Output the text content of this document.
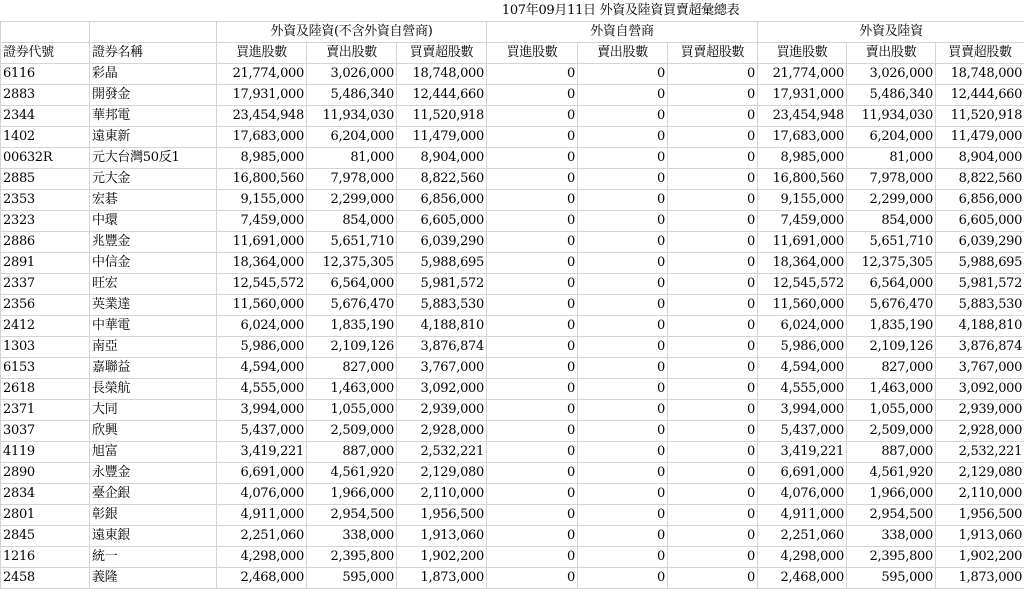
		107年09月11日 外資及陸資買賣超彙總表								
		外資及陸資(不含外資自營商)			外資自營商			外資及陸資		
證券代號	證券名稱	買進股數	賣出股數	買賣超股數	買進股數	賣出股數	買賣超股數	買進股數	賣出股數	買賣超股數
6116	彩晶	21,774,000	3,026,000	18,748,000	0	0	0	21,774,000	3,026,000	18,748,000
2883	開發金	17,931,000	5,486,340	12,444,660	0	0	0	17,931,000	5,486,340	12,444,660
2344	華邦電	23,454,948	11,934,030	11,520,918	0	0	0	23,454,948	11,934,030	11,520,918
1402	遠東新	17,683,000	6,204,000	11,479,000	0	0	0	17,683,000	6,204,000	11,479,000
00632R	元大台灣50反1	8,985,000	81,000	8,904,000	0	0	0	8,985,000	81,000	8,904,000
2885	元大金	16,800,560	7,978,000	8,822,560	0	0	0	16,800,560	7,978,000	8,822,560
2353	宏碁	9,155,000	2,299,000	6,856,000	0	0	0	9,155,000	2,299,000	6,856,000
2323	中環	7,459,000	854,000	6,605,000	0	0	0	7,459,000	854,000	6,605,000
2886	兆豐金	11,691,000	5,651,710	6,039,290	0	0	0	11,691,000	5,651,710	6,039,290
2891	中信金	18,364,000	12,375,305	5,988,695	0	0	0	18,364,000	12,375,305	5,988,695
2337	旺宏	12,545,572	6,564,000	5,981,572	0	0	0	12,545,572	6,564,000	5,981,572
2356	英業達	11,560,000	5,676,470	5,883,530	0	0	0	11,560,000	5,676,470	5,883,530
2412	中華電	6,024,000	1,835,190	4,188,810	0	0	0	6,024,000	1,835,190	4,188,810
1303	南亞	5,986,000	2,109,126	3,876,874	0	0	0	5,986,000	2,109,126	3,876,874
6153	嘉聯益	4,594,000	827,000	3,767,000	0	0	0	4,594,000	827,000	3,767,000
2618	長榮航	4,555,000	1,463,000	3,092,000	0	0	0	4,555,000	1,463,000	3,092,000
2371	大同	3,994,000	1,055,000	2,939,000	0	0	0	3,994,000	1,055,000	2,939,000
3037	欣興	5,437,000	2,509,000	2,928,000	0	0	0	5,437,000	2,509,000	2,928,000
4119	旭富	3,419,221	887,000	2,532,221	0	0	0	3,419,221	887,000	2,532,221
2890	永豐金	6,691,000	4,561,920	2,129,080	0	0	0	6,691,000	4,561,920	2,129,080
2834	臺企銀	4,076,000	1,966,000	2,110,000	0	0	0	4,076,000	1,966,000	2,110,000
2801	彰銀	4,911,000	2,954,500	1,956,500	0	0	0	4,911,000	2,954,500	1,956,500
2845	遠東銀	2,251,060	338,000	1,913,060	0	0	0	2,251,060	338,000	1,913,060
1216	統一	4,298,000	2,395,800	1,902,200	0	0	0	4,298,000	2,395,800	1,902,200
2458	義隆	2,468,000	595,000	1,873,000	0	0	0	2,468,000	595,000	1,873,000
